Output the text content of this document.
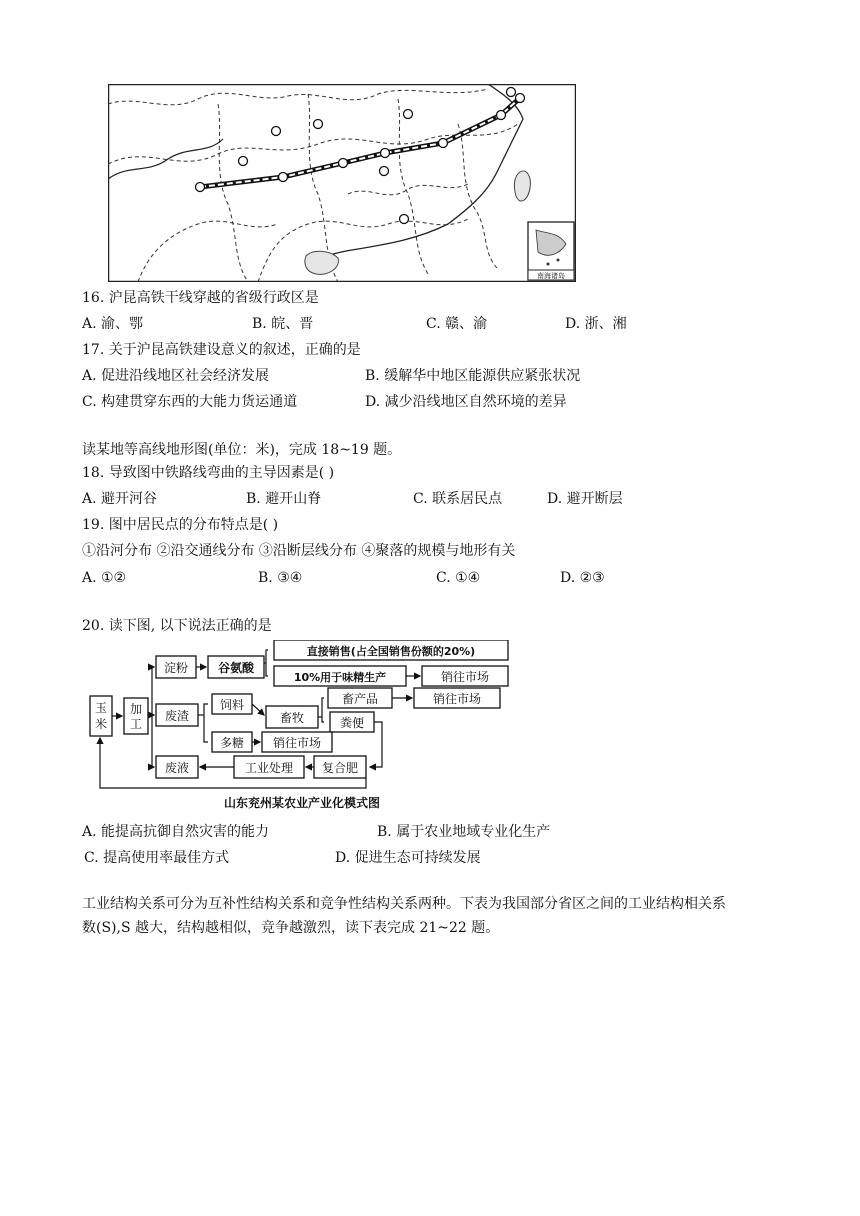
南海诸岛
16. 沪昆高铁干线穿越的省级行政区是
A. 渝、鄂	B. 皖、晋	C. 赣、渝	D. 浙、湘
17. 关于沪昆高铁建设意义的叙述，正确的是
A. 促进沿线地区社会经济发展	B. 缓解华中地区能源供应紧张状况
C. 构建贯穿东西的大能力货运通道	D. 减少沿线地区自然环境的差异
读某地等高线地形图(单位：米)，完成 18~19 题。
18. 导致图中铁路线弯曲的主导因素是( )
A. 避开河谷	B. 避开山脊	C. 联系居民点	D. 避开断层
19. 图中居民点的分布特点是( )
①沿河分布 ②沿交通线分布 ③沿断层线分布 ④聚落的规模与地形有关
A. ①②	B. ③④	C. ①④	D. ②③
20. 读下图, 以下说法正确的是
玉
米
加
工
淀粉 谷氨酸
直接销售(占全国销售份额的20%)
10%用于味精生产	销往市场
废渣
饲料
畜牧
畜产品	销往市场
粪便
多糖 销往市场
废液	工业处理 复合肥
山东兖州某农业产业化模式图
A. 能提高抗御自然灾害的能力	B. 属于农业地域专业化生产
C. 提高使用率最佳方式	D. 促进生态可持续发展
工业结构关系可分为互补性结构关系和竞争性结构关系两种。下表为我国部分省区之间的工业结构相关系
数(S),S 越大，结构越相似，竞争越激烈，读下表完成 21~22 题。
